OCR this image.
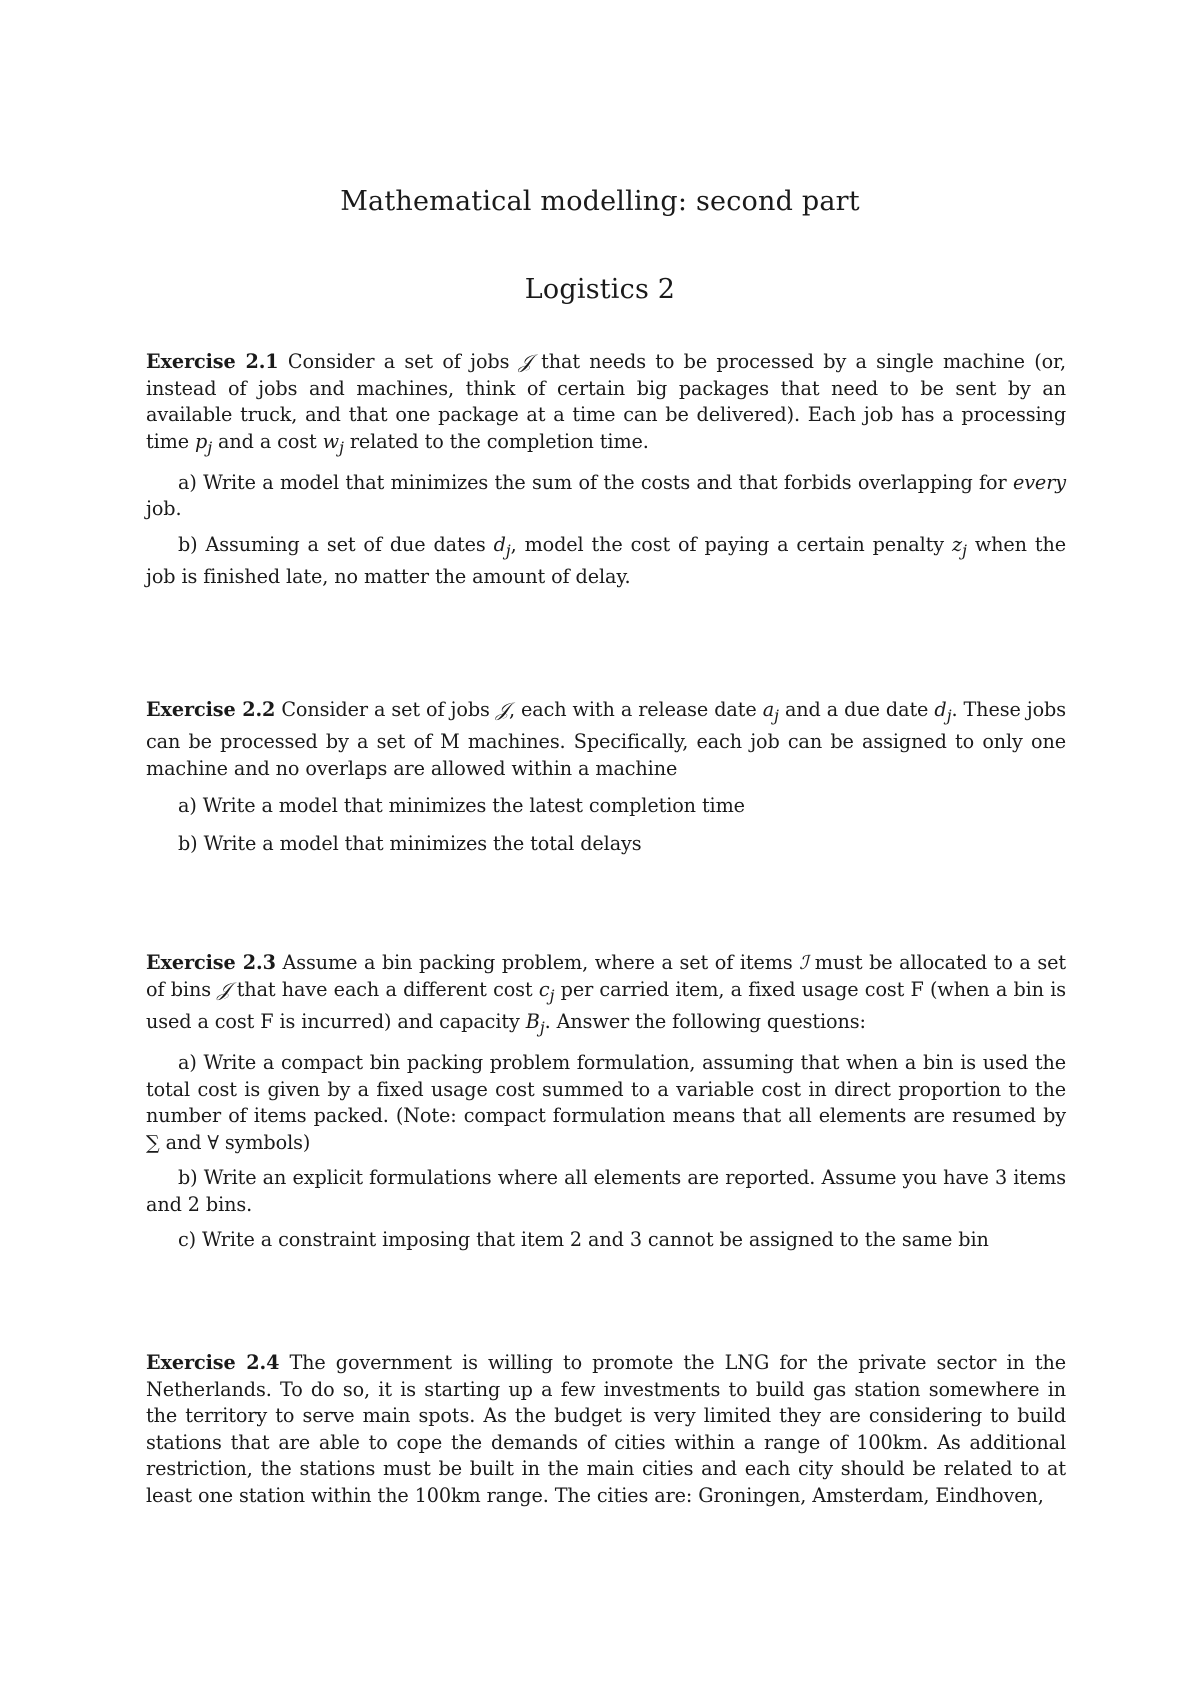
Mathematical modelling: second part
Logistics 2

Exercise 2.1 Consider a set of jobs 𝒥 that needs to be processed by a single machine (or, instead of jobs and machines, think of certain big packages that need to be sent by an available truck, and that one package at a time can be delivered). Each job has a processing time $p_j$ and a cost $w_j$ related to the completion time.

a) Write a model that minimizes the sum of the costs and that forbids overlapping for every job.

b) Assuming a set of due dates $d_j$, model the cost of paying a certain penalty $z_j$ when the job is finished late, no matter the amount of delay.

Exercise 2.2 Consider a set of jobs 𝒥, each with a release date $a_j$ and a due date $d_j$. These jobs can be processed by a set of M machines. Specifically, each job can be assigned to only one machine and no overlaps are allowed within a machine

a) Write a model that minimizes the latest completion time

b) Write a model that minimizes the total delays

Exercise 2.3 Assume a bin packing problem, where a set of items ℐ must be allocated to a set of bins 𝒥 that have each a different cost $c_j$ per carried item, a fixed usage cost F (when a bin is used a cost F is incurred) and capacity $B_j$. Answer the following questions:

a) Write a compact bin packing problem formulation, assuming that when a bin is used the total cost is given by a fixed usage cost summed to a variable cost in direct proportion to the number of items packed. (Note: compact formulation means that all elements are resumed by ∑ and ∀ symbols)

b) Write an explicit formulations where all elements are reported. Assume you have 3 items and 2 bins.

c) Write a constraint imposing that item 2 and 3 cannot be assigned to the same bin

Exercise 2.4 The government is willing to promote the LNG for the private sector in the Netherlands. To do so, it is starting up a few investments to build gas station somewhere in the territory to serve main spots. As the budget is very limited they are considering to build stations that are able to cope the demands of cities within a range of 100km. As additional restriction, the stations must be built in the main cities and each city should be related to at least one station within the 100km range. The cities are: Groningen, Amsterdam, Eindhoven,
